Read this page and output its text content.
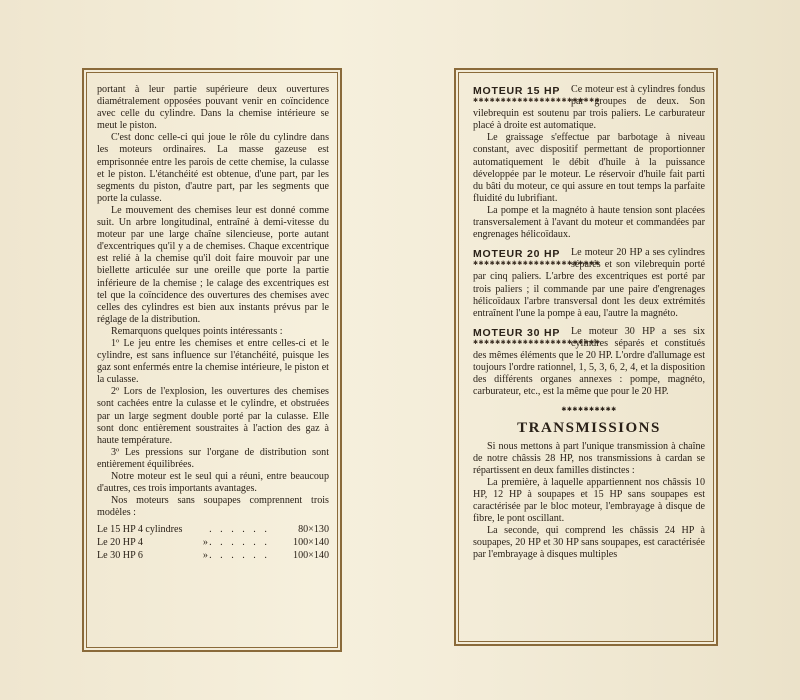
portant à leur partie supérieure deux ouvertures diamétralement opposées pouvant venir en coïncidence avec celle du cylindre. Dans la chemise intérieure se meut le piston.

C'est donc celle-ci qui joue le rôle du cylindre dans les moteurs ordinaires. La masse gazeuse est emprisonnée entre les parois de cette chemise, la culasse et le piston. L'étanchéité est obtenue, d'une part, par les segments du piston, d'autre part, par les segments que porte la culasse.

Le mouvement des chemises leur est donné comme suit. Un arbre longitudinal, entraîné à demi-vitesse du moteur par une large chaîne silencieuse, porte autant d'excentriques qu'il y a de chemises. Chaque excentrique est relié à la chemise qu'il doit faire mouvoir par une biellette articulée sur une oreille que porte la partie inférieure de la chemise ; le calage des excentriques est tel que la coïncidence des ouvertures des chemises avec celles des cylindres est bien aux instants prévus par le réglage de la distribution.

Remarquons quelques points intéressants :

1º Le jeu entre les chemises et entre celles-ci et le cylindre, est sans influence sur l'étanchéité, puisque les gaz sont enfermés entre la chemise intérieure, le piston et la culasse.

2º Lors de l'explosion, les ouvertures des chemises sont cachées entre la culasse et le cylindre, et obstruées par un large segment double porté par la culasse. Elle sont donc entièrement soustraites à l'action des gaz à haute température.

3º Les pressions sur l'organe de distribution sont entièrement équilibrées.

Notre moteur est le seul qui a réuni, entre beaucoup d'autres, ces trois importants avantages.

Nos moteurs sans soupapes comprennent trois modèles :

Le 15 HP 4 cylindres		. . . . . .	80×130
Le 20 HP 4	»	. . . . . .	100×140
Le 30 HP 6	»	. . . . . .	100×140
MOTEUR 15 HP
✱✱✱✱✱✱✱✱✱✱✱✱✱✱✱✱✱✱✱✱✱✱✱

Ce moteur est à cylindres fondus par groupes de deux. Son vilebrequin est soutenu par trois paliers. Le carburateur placé à droite est automatique.

Le graissage s'effectue par barbotage à niveau constant, avec dispositif permettant de proportionner automatiquement le débit d'huile à la puissance développée par le moteur. Le réservoir d'huile fait parti du bâti du moteur, ce qui assure en tout temps la parfaite fluidité du lubrifiant.

La pompe et la magnéto à haute tension sont placées transversalement à l'avant du moteur et commandées par engrenages hélicoïdaux.

MOTEUR 20 HP
✱✱✱✱✱✱✱✱✱✱✱✱✱✱✱✱✱✱✱✱✱✱✱

Le moteur 20 HP a ses cylindres séparés et son vilebrequin porté par cinq paliers. L'arbre des excentriques est porté par trois paliers ; il commande par une paire d'engrenages hélicoïdaux l'arbre transversal dont les deux extrémités entraînent l'une la pompe à eau, l'autre la magnéto.

MOTEUR 30 HP
✱✱✱✱✱✱✱✱✱✱✱✱✱✱✱✱✱✱✱✱✱✱✱

Le moteur 30 HP a ses six cylindres séparés et constitués des mêmes éléments que le 20 HP. L'ordre d'allumage est toujours l'ordre rationnel, 1, 5, 3, 6, 2, 4, et la disposition des différents organes annexes : pompe, magnéto, carburateur, etc., est la même que pour le 20 HP.

✱✱✱✱✱✱✱✱✱✱
TRANSMISSIONS

Si nous mettons à part l'unique transmission à chaîne de notre châssis 28 HP, nos transmissions à cardan se répartissent en deux familles distinctes :

La première, à laquelle appartiennent nos châssis 10 HP, 12 HP à soupapes et 15 HP sans soupapes est caractérisée par le bloc moteur, l'embrayage à disque de fibre, le pont oscillant.

La seconde, qui comprend les châssis 24 HP à soupapes, 20 HP et 30 HP sans soupapes, est caractérisée par l'embrayage à disques multiples
